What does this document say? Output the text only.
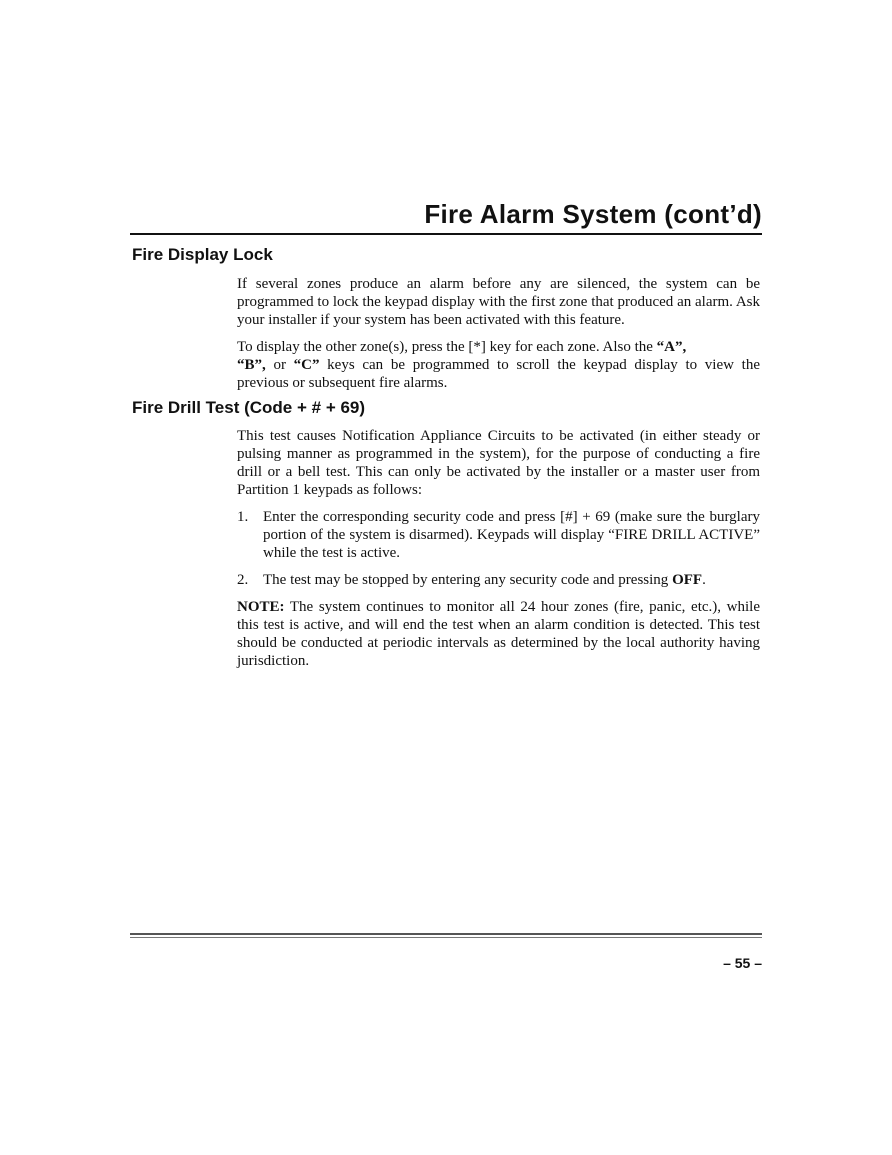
Fire Alarm System (cont’d)
Fire Display Lock

If several zones produce an alarm before any are silenced, the system can be programmed to lock the keypad display with the first zone that produced an alarm. Ask your installer if your system has been activated with this feature.

To display the other zone(s), press the [*] key for each zone. Also the “A”,
“B”, or “C” keys can be programmed to scroll the keypad display to view the previous or subsequent fire alarms.

Fire Drill Test (Code + # + 69)

This test causes Notification Appliance Circuits to be activated (in either steady or pulsing manner as programmed in the system), for the purpose of conducting a fire drill or a bell test. This can only be activated by the installer or a master user from Partition 1 keypads as follows:

1. Enter the corresponding security code and press [#] + 69 (make sure the burglary portion of the system is disarmed). Keypads will display “FIRE DRILL ACTIVE” while the test is active.
2. The test may be stopped by entering any security code and pressing OFF.

NOTE: The system continues to monitor all 24 hour zones (fire, panic, etc.), while this test is active, and will end the test when an alarm condition is detected. This test should be conducted at periodic intervals as determined by the local authority having jurisdiction.

– 55 –
